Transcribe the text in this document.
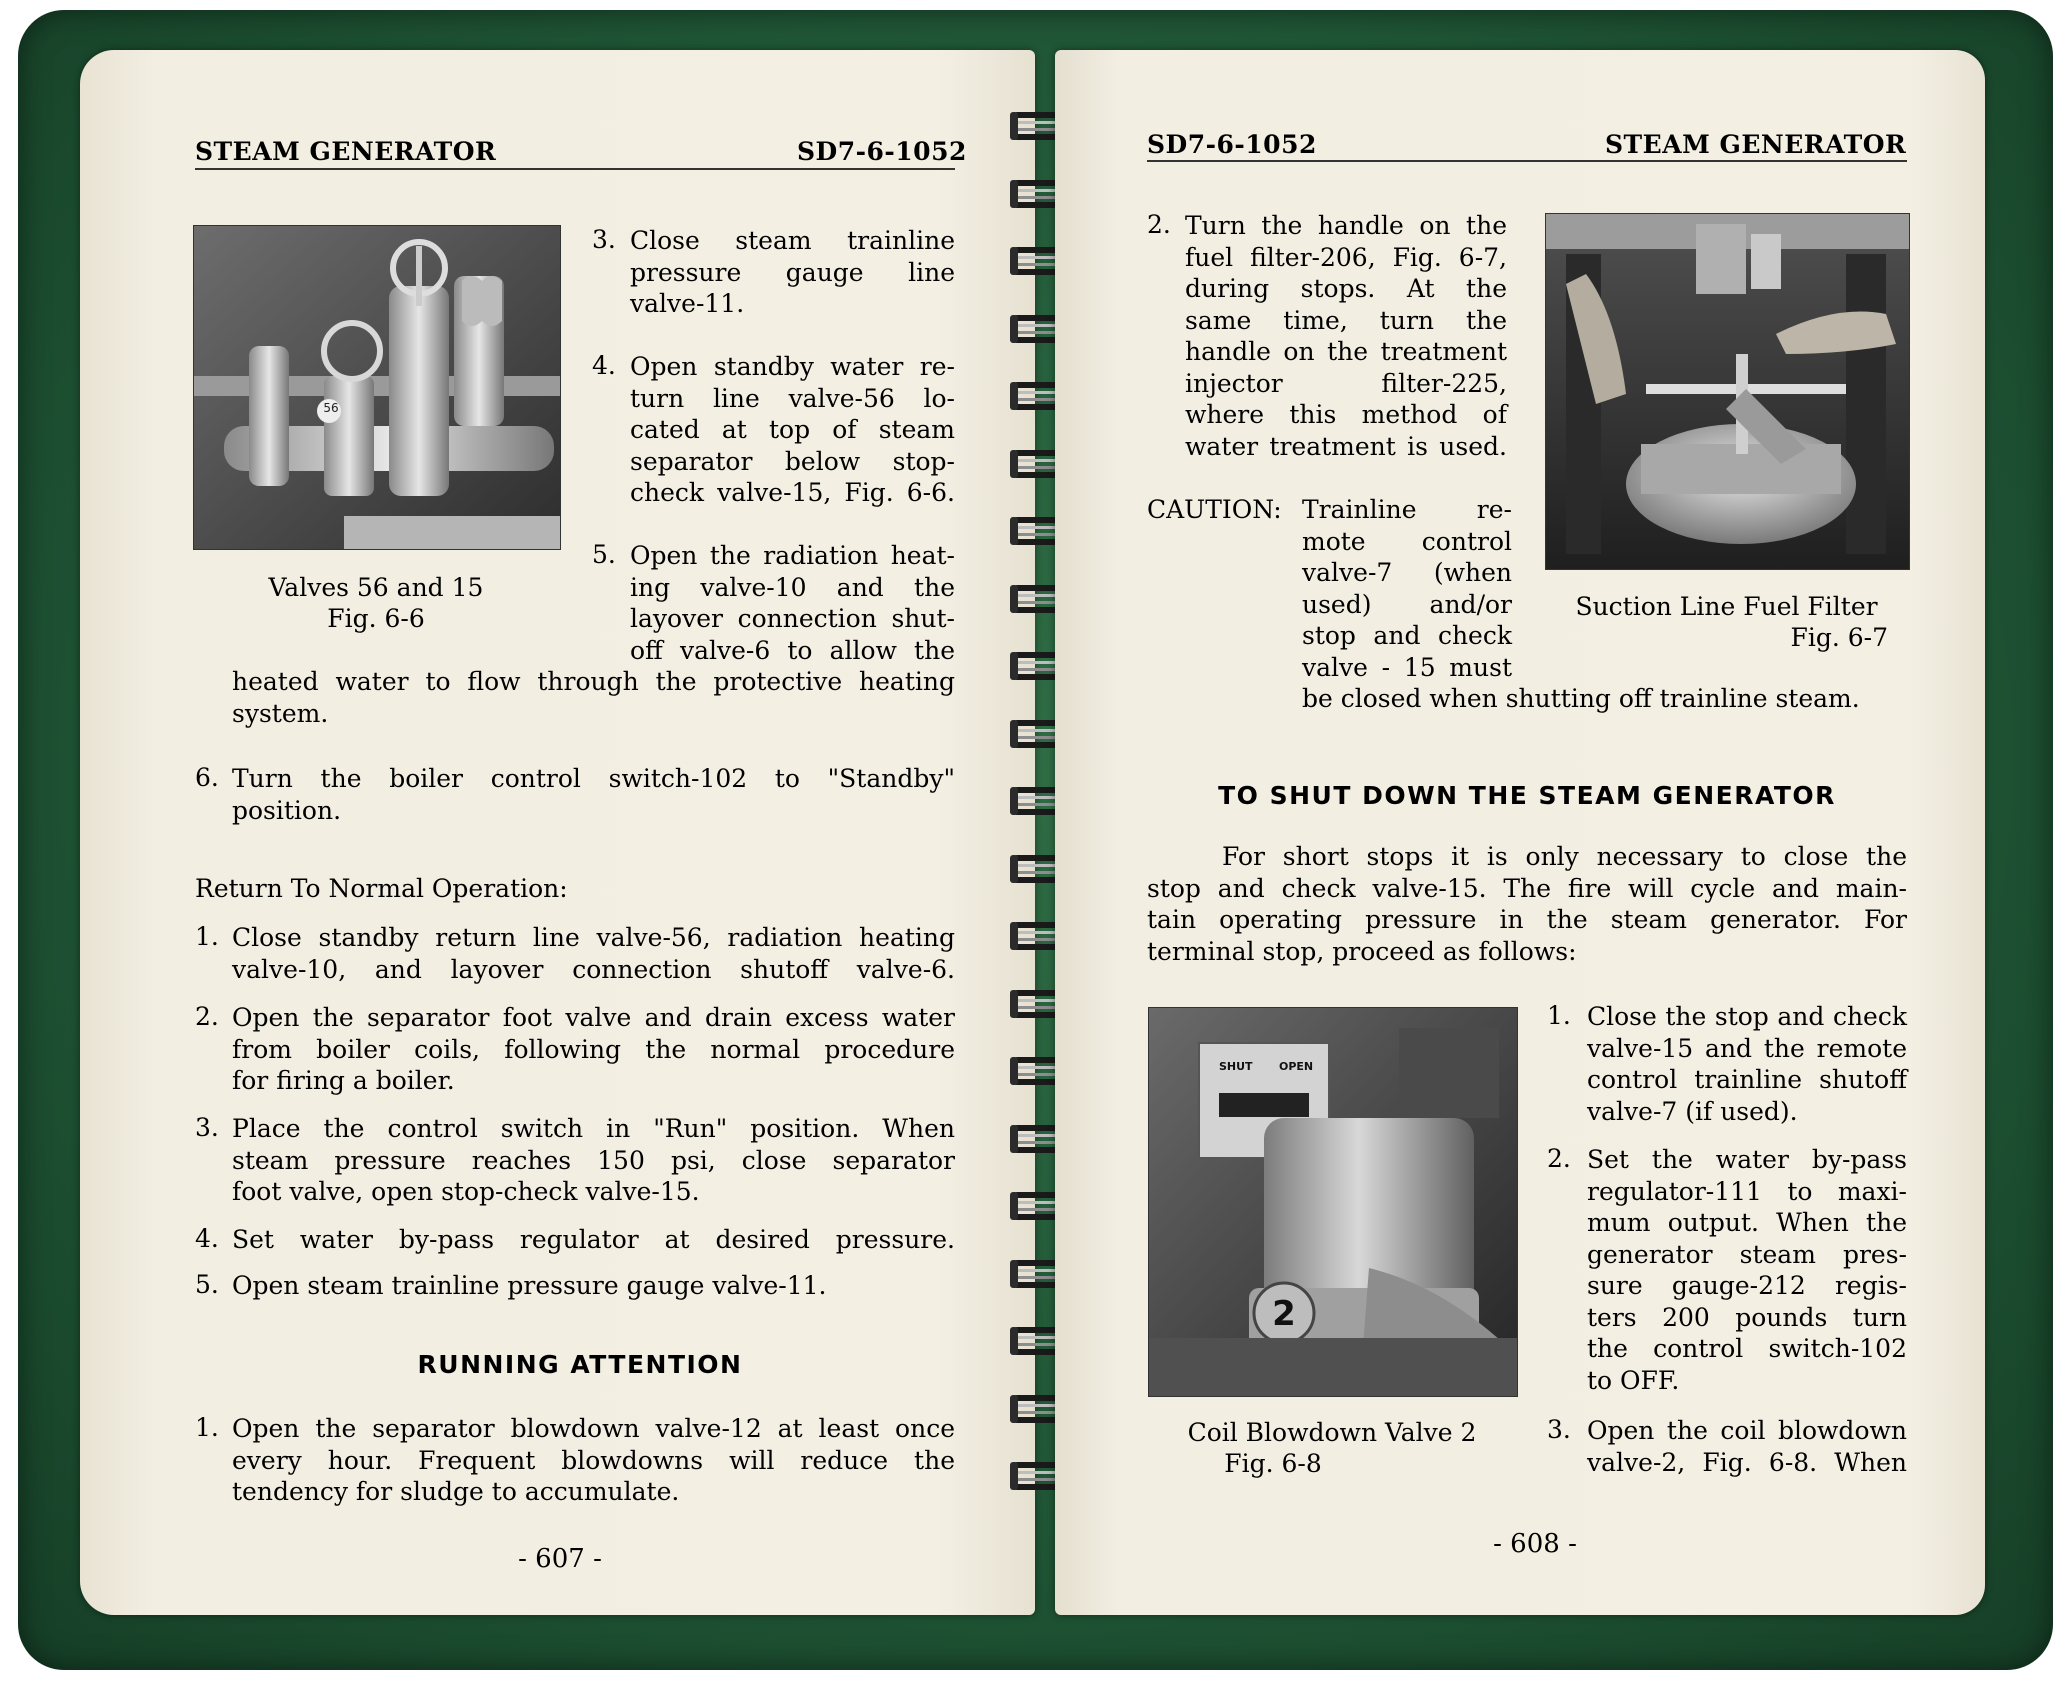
STEAM GENERATOR	SD7-6-1052
56
Valves 56 and 15
Fig. 6-6
3. Close steam trainline
pressure gauge line
valve-11.
4. Open standby water re-
turn line valve-56 lo-
cated at top of steam
separator below stop-
check valve-15, Fig. 6-6.
5. Open the radiation heat-
ing valve-10 and the
layover connection shut-
off valve-6 to allow the
heated water to flow through the protective heating
system.
6. Turn the boiler control switch-102 to "Standby"
position.
Return To Normal Operation:
1. Close standby return line valve-56, radiation heating
valve-10, and layover connection shutoff valve-6.
2. Open the separator foot valve and drain excess water
from boiler coils, following the normal procedure
for firing a boiler.
3. Place the control switch in "Run" position. When
steam pressure reaches 150 psi, close separator
foot valve, open stop-check valve-15.
4. Set water by-pass regulator at desired pressure.
5. Open steam trainline pressure gauge valve-11.
RUNNING ATTENTION
1. Open the separator blowdown valve-12 at least once
every hour. Frequent blowdowns will reduce the
tendency for sludge to accumulate.
- 607 -
SD7-6-1052	STEAM GENERATOR
2. Turn the handle on the
fuel filter-206, Fig. 6-7,
during stops. At the
same time, turn the
handle on the treatment
injector filter-225,
where this method of
water treatment is used.
Suction Line Fuel Filter
Fig. 6-7
CAUTION: Trainline re-
mote control
valve-7 (when
used) and/or
stop and check
valve - 15 must
be closed when shutting off trainline steam.
TO SHUT DOWN THE STEAM GENERATOR
For short stops it is only necessary to close the
stop and check valve-15. The fire will cycle and main-
tain operating pressure in the steam generator. For
terminal stop, proceed as follows:
SHUT OPEN
2
Coil Blowdown Valve 2
Fig. 6-8
1. Close the stop and check
valve-15 and the remote
control trainline shutoff
valve-7 (if used).
2. Set the water by-pass
regulator-111 to maxi-
mum output. When the
generator steam pres-
sure gauge-212 regis-
ters 200 pounds turn
the control switch-102
to OFF.
3. Open the coil blowdown
valve-2, Fig. 6-8. When
- 608 -
